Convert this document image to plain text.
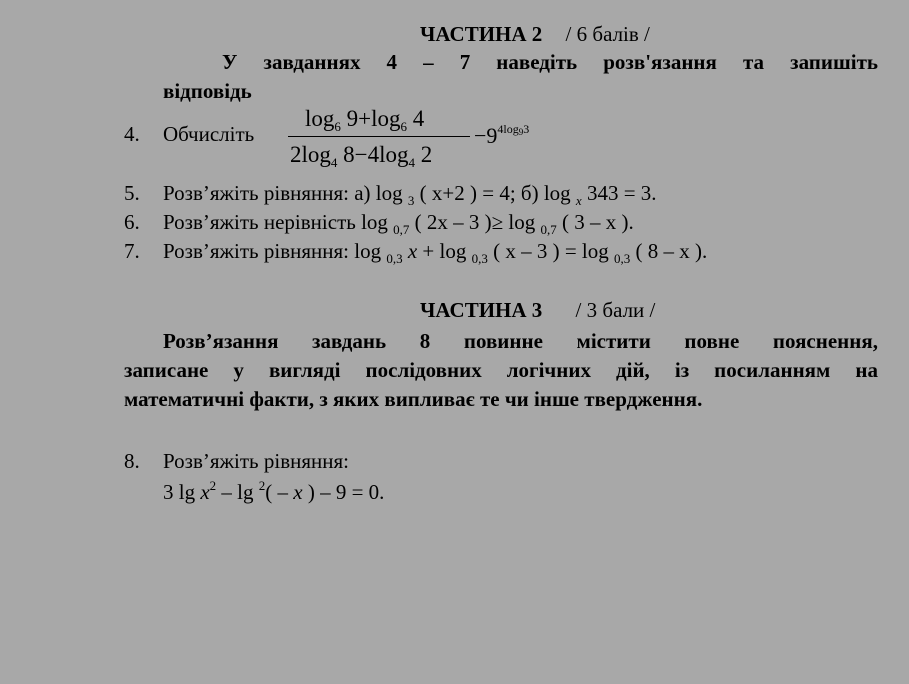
ЧАСТИНА 2 / 6 балів /
У завданнях 4 – 7 наведіть розв'язання та запишіть
відповідь
4. Обчисліть
$\log_6 9+\log_6$ 4
$2\log_4$ $8-4\log_4$ 2
$-9^{4log93}$
5. Розв’яжіть рівняння: а) log $_3$ ( x+2 ) = 4; б) log $_x$ 343 = 3.
6. Розв’яжіть нерівність log $_{0,7}$ ( 2х – 3 )≥ log $_{0,7}$ ( 3 – х ).
7. Розв’яжіть рівняння: log $_{0,3}$ x + log $_{0,3}$ ( x – 3 ) = log $_{0,3}$ ( 8 – x ).
ЧАСТИНА 3 / 3 бали /
Розв’язання завдань 8 повинне містити повне пояснення,
записане у вигляді послідовних логічних дій, із посиланням на
математичні факти, з яких випливає те чи інше твердження.
8. Розв’яжіть рівняння:
3 $\lg x^2$ – lg $^2$( – x ) – 9 = 0.
